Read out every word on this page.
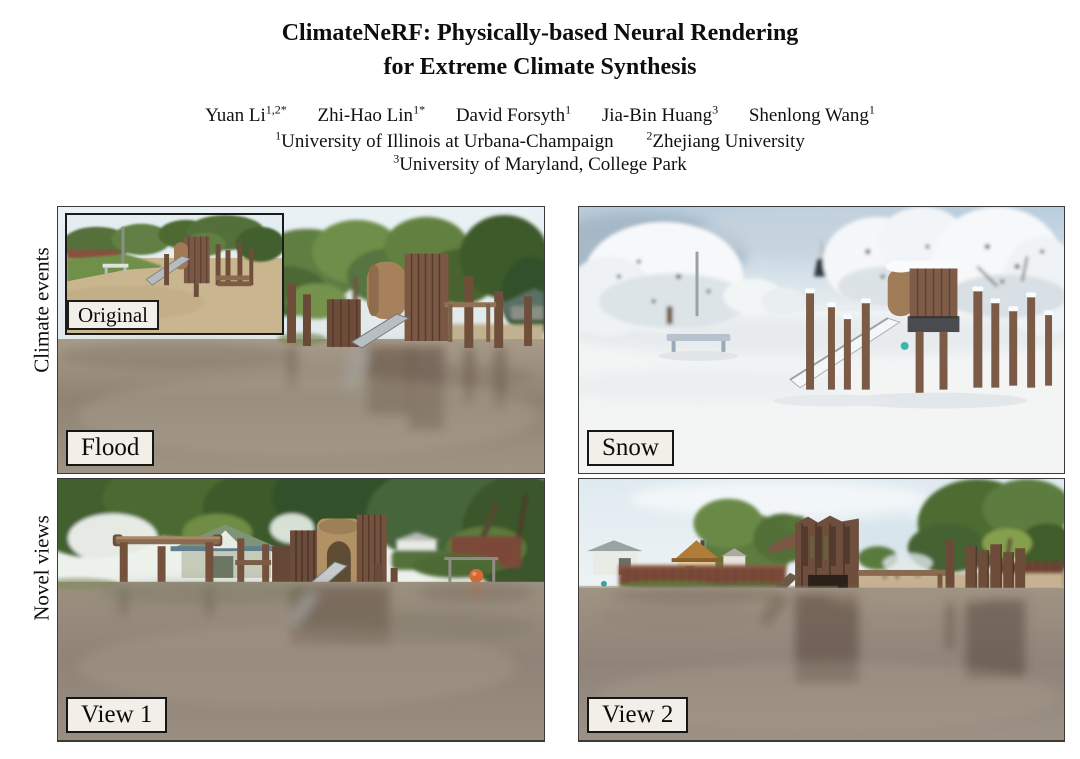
ClimateNeRF: Physically-based Neural Rendering
for Extreme Climate Synthesis
Yuan $Li^{1,2*}$ Zhi-Hao Lin$^{1*}$ David Forsyth$^1$ Jia-Bin Huang$^3$ Shenlong Wang$^1$
$^1$University of Illinois at Urbana-Champaign	$^2$Zhejiang University
$^3$University of Maryland, College Park
Climate events
Novel views
Original
Flood	Snow
View 1	View 2
